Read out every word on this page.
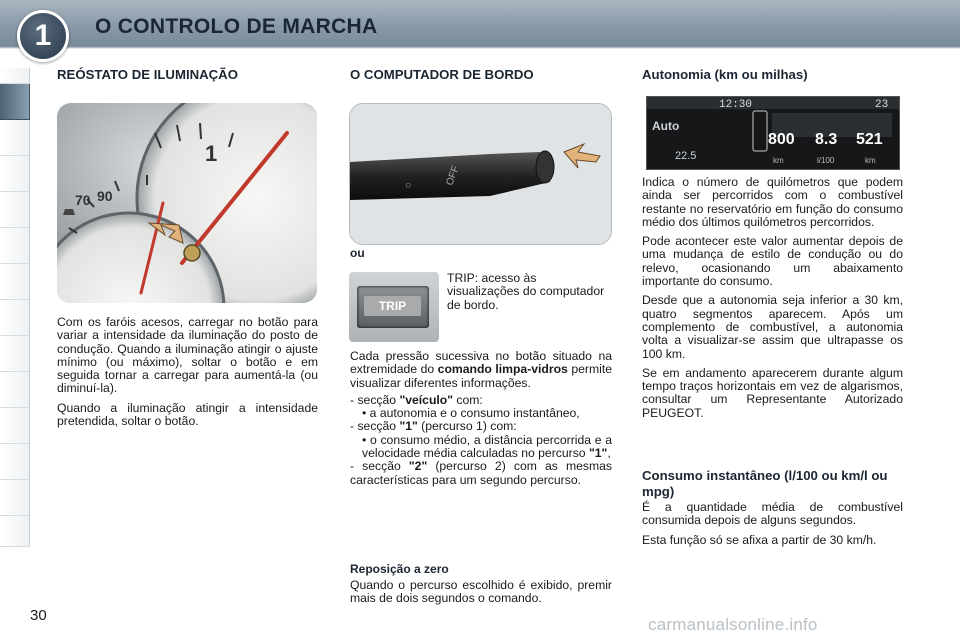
1 O CONTROLO DE MARCHA
REÓSTATO DE ILUMINAÇÃO
90
70
1

Com os faróis acesos, carregar no botão para variar a intensidade da iluminação do posto de condução. Quando a iluminação atingir o ajuste mínimo (ou máximo), soltar o botão e em seguida tornar a carregar para aumentá-la (ou diminuí-la).

Quando a iluminação atingir a intensidade pretendida, soltar o botão.

O COMPUTADOR DE BORDO
○	OFF
ou
TRIP
TRIP: acesso às visualizações do computador de bordo.

Cada pressão sucessiva no botão situado na extremidade do comando limpa-vidros permite visualizar diferentes informações.

- secção "veículo" com:
• a autonomia e o consumo instantâneo,
- secção "1" (percurso 1) com:
• o consumo médio, a distância percorrida e a velocidade média calculadas no percurso "1",
- secção "2" (percurso 2) com as mesmas características para um segundo percurso.
Reposição a zero
Quando o percurso escolhido é exibido, premir mais de dois segundos o comando.
Autonomia (km ou milhas)
12:30	23
Auto
22.5
800 8.3 521
km	l/100	km

Indica o número de quilómetros que podem ainda ser percorridos com o combustível restante no reservatório em função do consumo médio dos últimos quilómetros percorridos.

Pode acontecer este valor aumentar depois de uma mudança de estilo de condução ou do relevo, ocasionando um abaixamento importante do consumo.

Desde que a autonomia seja inferior a 30 km, quatro segmentos aparecem. Após um complemento de combustível, a autonomia volta a visualizar-se assim que ultrapasse os 100 km.

Se em andamento aparecerem durante algum tempo traços horizontais em vez de algarismos, consultar um Representante Autorizado PEUGEOT.

Consumo instantâneo (l/100 ou km/l ou mpg)

É a quantidade média de combustível consumida depois de alguns segundos.

Esta função só se afixa a partir de 30 km/h.

30	carmanualsonline.info
